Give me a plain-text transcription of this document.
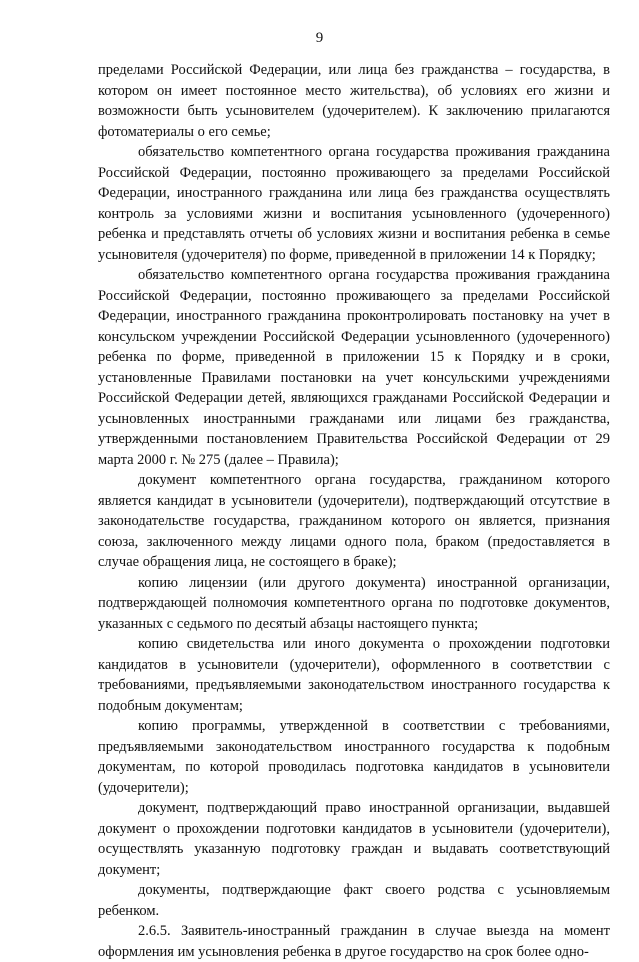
9

пределами Российской Федерации, или лица без гражданства – государства, в котором он имеет постоянное место жительства), об условиях его жизни и возможности быть усыновителем (удочерителем). К заключению прилагаются фотоматериалы о его семье;

обязательство компетентного органа государства проживания гражданина Российской Федерации, постоянно проживающего за пределами Российской Федерации, иностранного гражданина или лица без гражданства осуществлять контроль за условиями жизни и воспитания усыновленного (удочеренного) ребенка и представлять отчеты об условиях жизни и воспитания ребенка в семье усыновителя (удочерителя) по форме, приведенной в приложении 14 к Порядку;

обязательство компетентного органа государства проживания гражданина Российской Федерации, постоянно проживающего за пределами Российской Федерации, иностранного гражданина проконтролировать постановку на учет в консульском учреждении Российской Федерации усыновленного (удочеренного) ребенка по форме, приведенной в приложении 15 к Порядку и в сроки, установленные Правилами постановки на учет консульскими учреждениями Российской Федерации детей, являющихся гражданами Российской Федерации и усыновленных иностранными гражданами или лицами без гражданства, утвержденными постановлением Правительства Российской Федерации от 29 марта 2000 г. № 275 (далее – Правила);

документ компетентного органа государства, гражданином которого является кандидат в усыновители (удочерители), подтверждающий отсутствие в законодательстве государства, гражданином которого он является, признания союза, заключенного между лицами одного пола, браком (предоставляется в случае обращения лица, не состоящего в браке);

копию лицензии (или другого документа) иностранной организации, подтверждающей полномочия компетентного органа по подготовке документов, указанных с седьмого по десятый абзацы настоящего пункта;

копию свидетельства или иного документа о прохождении подготовки кандидатов в усыновители (удочерители), оформленного в соответствии с требованиями, предъявляемыми законодательством иностранного государства к подобным документам;

копию программы, утвержденной в соответствии с требованиями, предъявляемыми законодательством иностранного государства к подобным документам, по которой проводилась подготовка кандидатов в усыновители (удочерители);

документ, подтверждающий право иностранной организации, выдавшей документ о прохождении подготовки кандидатов в усыновители (удочерители), осуществлять указанную подготовку граждан и выдавать соответствующий документ;

документы, подтверждающие факт своего родства с усыновляемым ребенком.

2.6.5. Заявитель-иностранный гражданин в случае выезда на момент оформления им усыновления ребенка в другое государство на срок более одно-
